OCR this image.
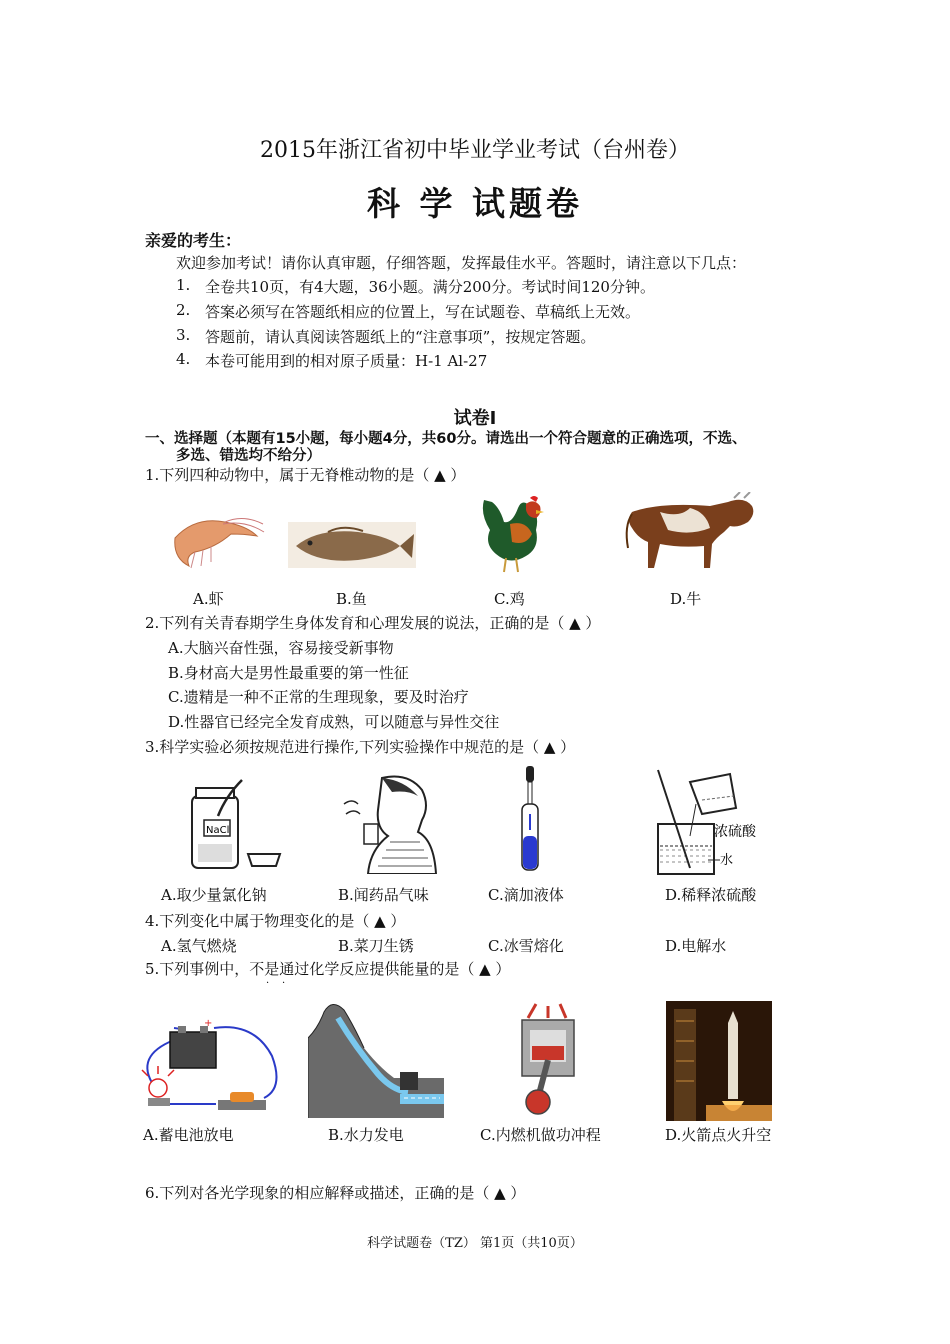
2015年浙江省初中毕业学业考试（台州卷）
科 学 试题卷
亲爱的考生：
欢迎参加考试！请你认真审题，仔细答题，发挥最佳水平。答题时，请注意以下几点：
1. 全卷共10页，有4大题，36小题。满分200分。考试时间120分钟。
2. 答案必须写在答题纸相应的位置上，写在试题卷、草稿纸上无效。
3. 答题前，请认真阅读答题纸上的“注意事项”，按规定答题。
4. 本卷可能用到的相对原子质量：H-1 Al-27
试卷Ⅰ
一、选择题（本题有15小题，每小题4分，共60分。请选出一个符合题意的正确选项，不选、
多选、错选均不给分）
1.下列四种动物中，属于无脊椎动物的是（ ▲ ）
A.虾	B.鱼	C.鸡	D.牛
2.下列有关青春期学生身体发育和心理发展的说法，正确的是（ ▲ ）
A.大脑兴奋性强，容易接受新事物
B.身材高大是男性最重要的第一性征
C.遗精是一种不正常的生理现象，要及时治疗
D.性器官已经完全发育成熟，可以随意与异性交往
3.科学实验必须按规范进行操作,下列实验操作中规范的是（ ▲ ）
NaCl	浓硫酸
水
A.取少量氯化钠	B.闻药品气味	C.滴加液体	D.稀释浓硫酸
4.下列变化中属于物理变化的是（ ▲ ）
A.氢气燃烧	B.菜刀生锈	C.冰雪熔化	D.电解水
5.下列事例中，不是通过化学反应提供能量的是（ ▲ ）
· ·
+
A.蓄电池放电	B.水力发电	C.内燃机做功冲程	D.火箭点火升空
6.下列对各光学现象的相应解释或描述，正确的是（ ▲ ）
科学试题卷（TZ） 第1页（共10页）
